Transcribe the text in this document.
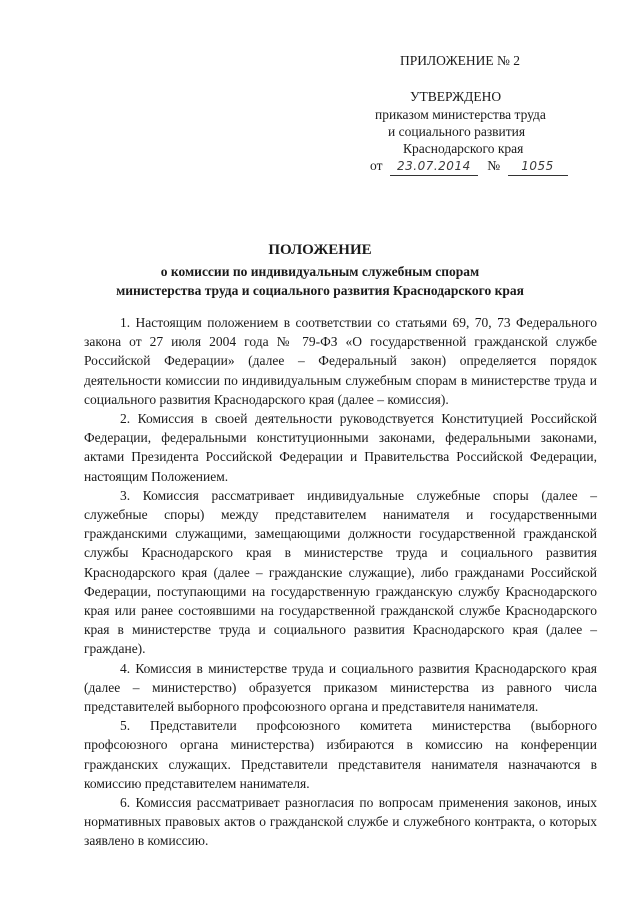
ПРИЛОЖЕНИЕ № 2
УТВЕРЖДЕНО
приказом министерства труда
и социального развития
Краснодарского края
от 23.07.2014 № 1055
ПОЛОЖЕНИЕ
о комиссии по индивидуальным служебным спорам
министерства труда и социального развития Краснодарского края

1. Настоящим положением в соответствии со статьями 69, 70, 73 Федерального закона от 27 июля 2004 года № 79-ФЗ «О государственной гражданской службе Российской Федерации» (далее – Федеральный закон) определяется порядок деятельности комиссии по индивидуальным служебным спорам в министерстве труда и социального развития Краснодарского края (далее – комиссия).

2. Комиссия в своей деятельности руководствуется Конституцией Российской Федерации, федеральными конституционными законами, федеральными законами, актами Президента Российской Федерации и Правительства Российской Федерации, настоящим Положением.

3. Комиссия рассматривает индивидуальные служебные споры (далее – служебные споры) между представителем нанимателя и государственными гражданскими служащими, замещающими должности государственной гражданской службы Краснодарского края в министерстве труда и социального развития Краснодарского края (далее – гражданские служащие), либо гражданами Российской Федерации, поступающими на государственную гражданскую службу Краснодарского края или ранее состоявшими на государственной гражданской службе Краснодарского края в министерстве труда и социального развития Краснодарского края (далее – граждане).

4. Комиссия в министерстве труда и социального развития Краснодарского края (далее – министерство) образуется приказом министерства из равного числа представителей выборного профсоюзного органа и представителя нанимателя.

5. Представители профсоюзного комитета министерства (выборного профсоюзного органа министерства) избираются в комиссию на конференции гражданских служащих. Представители представителя нанимателя назначаются в комиссию представителем нанимателя.

6. Комиссия рассматривает разногласия по вопросам применения законов, иных нормативных правовых актов о гражданской службе и служебного контракта, о которых заявлено в комиссию.
